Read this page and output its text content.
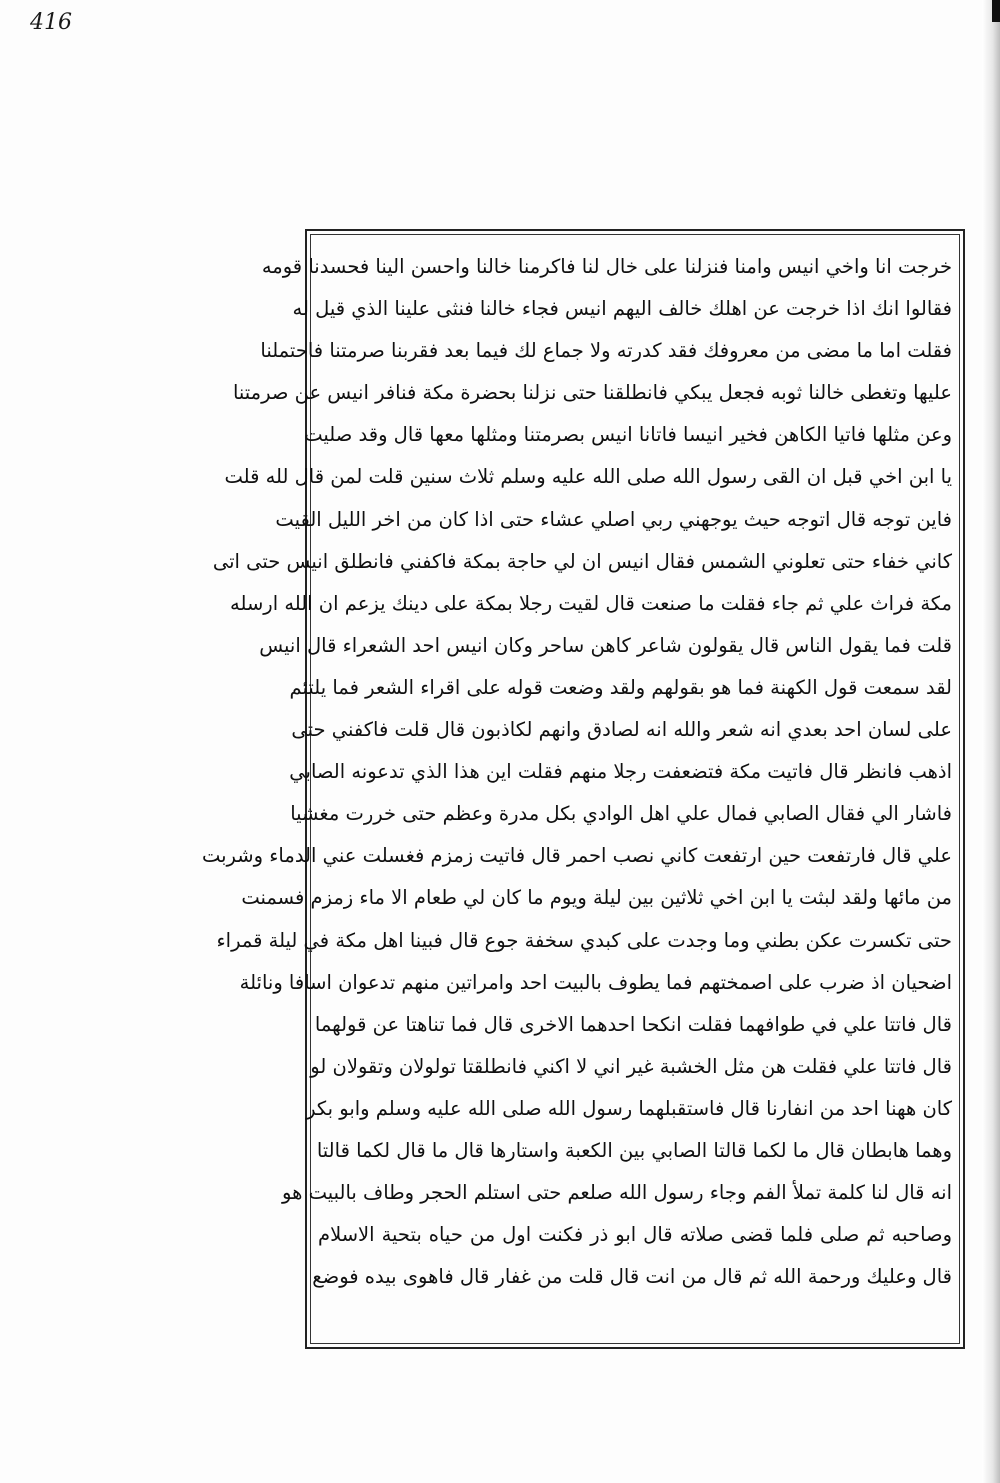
416
خرجت انا واخي انيس وامنا فنزلنا على خال لنا فاكرمنا خالنا واحسن الينا فحسدنا قومه
فقالوا انك اذا خرجت عن اهلك خالف اليهم انيس فجاء خالنا فنثى علينا الذي قيل له
فقلت اما ما مضى من معروفك فقد كدرته ولا جماع لك فيما بعد فقربنا صرمتنا فاحتملنا
عليها وتغطى خالنا ثوبه فجعل يبكي فانطلقنا حتى نزلنا بحضرة مكة فنافر انيس عن صرمتنا
وعن مثلها فاتيا الكاهن فخير انيسا فاتانا انيس بصرمتنا ومثلها معها قال وقد صليت
يا ابن اخي قبل ان القى رسول الله صلى الله عليه وسلم ثلاث سنين قلت لمن قال لله قلت
فاين توجه قال اتوجه حيث يوجهني ربي اصلي عشاء حتى اذا كان من اخر الليل القيت
كاني خفاء حتى تعلوني الشمس فقال انيس ان لي حاجة بمكة فاكفني فانطلق انيس حتى اتى
مكة فراث علي ثم جاء فقلت ما صنعت قال لقيت رجلا بمكة على دينك يزعم ان الله ارسله
قلت فما يقول الناس قال يقولون شاعر كاهن ساحر وكان انيس احد الشعراء قال انيس
لقد سمعت قول الكهنة فما هو بقولهم ولقد وضعت قوله على اقراء الشعر فما يلتئم
على لسان احد بعدي انه شعر والله انه لصادق وانهم لكاذبون قال قلت فاكفني حتى
اذهب فانظر قال فاتيت مكة فتضعفت رجلا منهم فقلت اين هذا الذي تدعونه الصابي
فاشار الي فقال الصابي فمال علي اهل الوادي بكل مدرة وعظم حتى خررت مغشيا
علي قال فارتفعت حين ارتفعت كاني نصب احمر قال فاتيت زمزم فغسلت عني الدماء وشربت
من مائها ولقد لبثت يا ابن اخي ثلاثين بين ليلة ويوم ما كان لي طعام الا ماء زمزم فسمنت
حتى تكسرت عكن بطني وما وجدت على كبدي سخفة جوع قال فبينا اهل مكة في ليلة قمراء
اضحيان اذ ضرب على اصمختهم فما يطوف بالبيت احد وامراتين منهم تدعوان اسافا ونائلة
قال فاتتا علي في طوافهما فقلت انكحا احدهما الاخرى قال فما تناهتا عن قولهما
قال فاتتا علي فقلت هن مثل الخشبة غير اني لا اكني فانطلقتا تولولان وتقولان لو
كان ههنا احد من انفارنا قال فاستقبلهما رسول الله صلى الله عليه وسلم وابو بكر
وهما هابطان قال ما لكما قالتا الصابي بين الكعبة واستارها قال ما قال لكما قالتا
انه قال لنا كلمة تملأ الفم وجاء رسول الله صلعم حتى استلم الحجر وطاف بالبيت هو
وصاحبه ثم صلى فلما قضى صلاته قال ابو ذر فكنت اول من حياه بتحية الاسلام
قال وعليك ورحمة الله ثم قال من انت قال قلت من غفار قال فاهوى بيده فوضع
